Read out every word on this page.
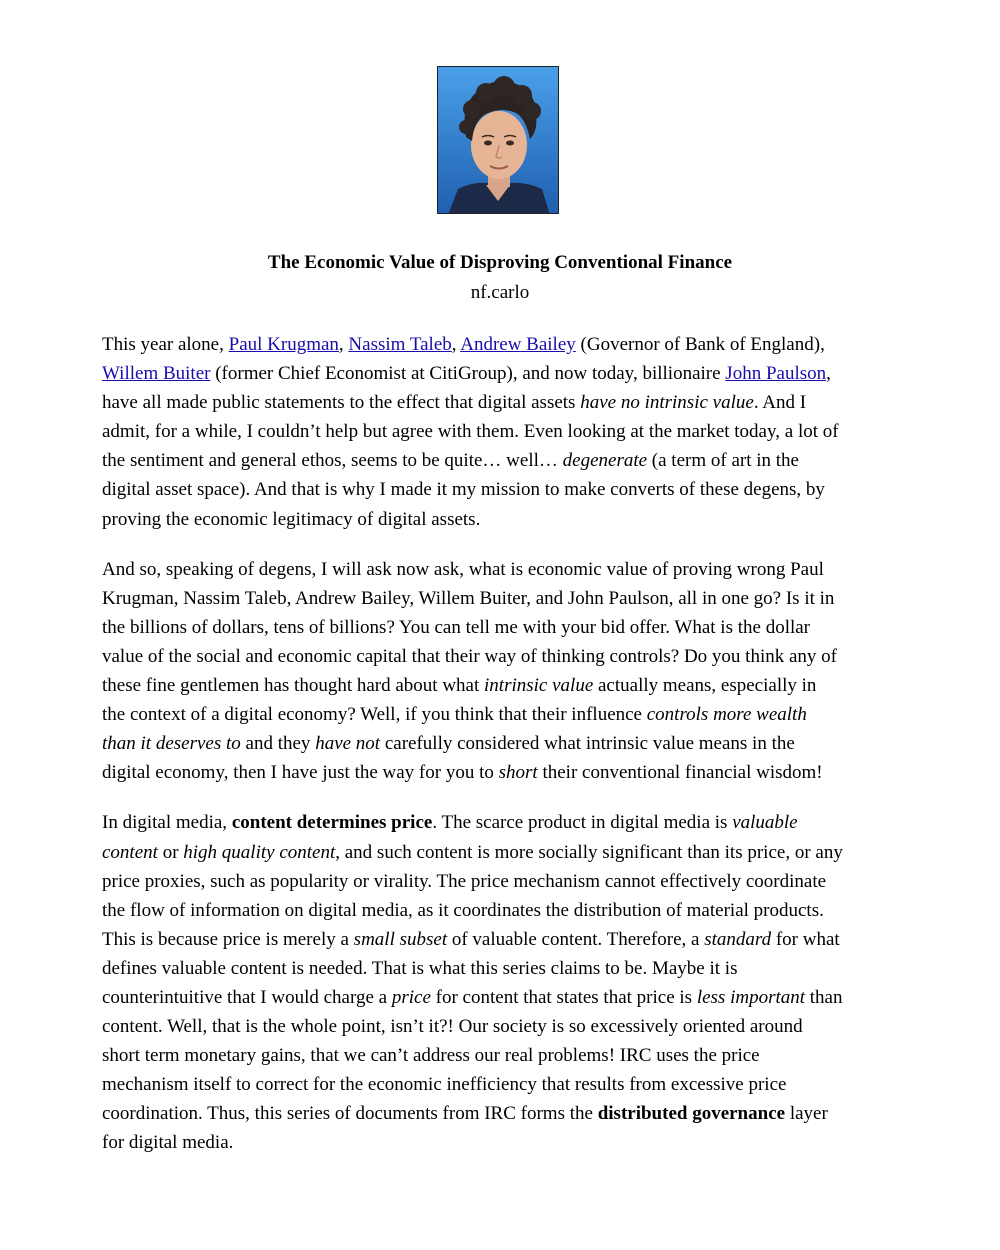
The Economic Value of Disproving Conventional Finance
nf.carlo
This year alone, Paul Krugman, Nassim Taleb, Andrew Bailey (Governor of Bank of England),
Willem Buiter (former Chief Economist at CitiGroup), and now today, billionaire John Paulson,
have all made public statements to the effect that digital assets have no intrinsic value. And I
admit, for a while, I couldn’t help but agree with them. Even looking at the market today, a lot of
the sentiment and general ethos, seems to be quite… well… degenerate (a term of art in the
digital asset space). And that is why I made it my mission to make converts of these degens, by
proving the economic legitimacy of digital assets.
And so, speaking of degens, I will ask now ask, what is economic value of proving wrong Paul
Krugman, Nassim Taleb, Andrew Bailey, Willem Buiter, and John Paulson, all in one go? Is it in
the billions of dollars, tens of billions? You can tell me with your bid offer. What is the dollar
value of the social and economic capital that their way of thinking controls? Do you think any of
these fine gentlemen has thought hard about what intrinsic value actually means, especially in
the context of a digital economy? Well, if you think that their influence controls more wealth
than it deserves to and they have not carefully considered what intrinsic value means in the
digital economy, then I have just the way for you to short their conventional financial wisdom!
In digital media, content determines price. The scarce product in digital media is valuable
content or high quality content, and such content is more socially significant than its price, or any
price proxies, such as popularity or virality. The price mechanism cannot effectively coordinate
the flow of information on digital media, as it coordinates the distribution of material products.
This is because price is merely a small subset of valuable content. Therefore, a standard for what
defines valuable content is needed. That is what this series claims to be. Maybe it is
counterintuitive that I would charge a price for content that states that price is less important than
content. Well, that is the whole point, isn’t it?! Our society is so excessively oriented around
short term monetary gains, that we can’t address our real problems! IRC uses the price
mechanism itself to correct for the economic inefficiency that results from excessive price
coordination. Thus, this series of documents from IRC forms the distributed governance layer
for digital media.
